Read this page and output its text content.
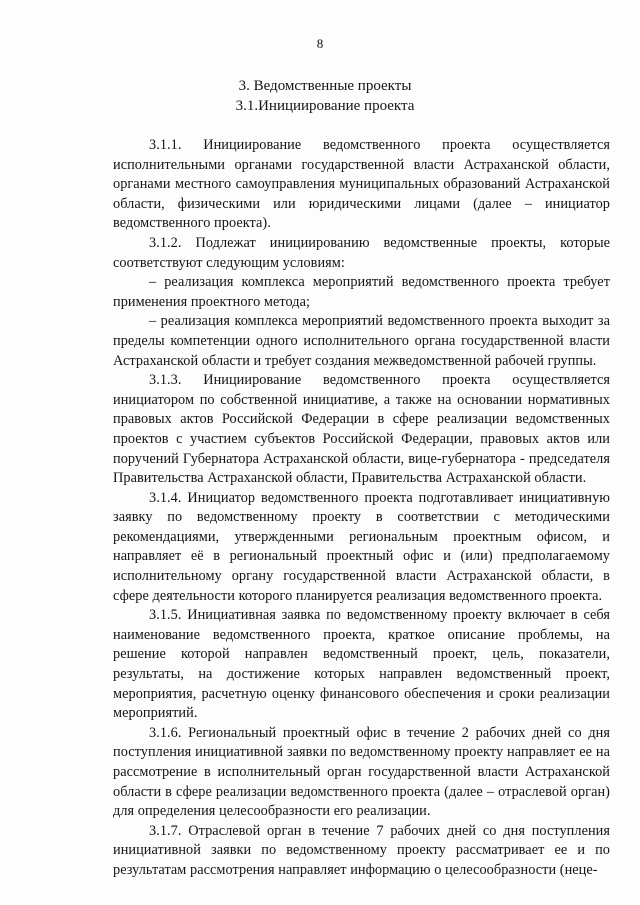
8
3. Ведомственные проекты
3.1.Инициирование проекта

3.1.1. Инициирование ведомственного проекта осуществляется исполнительными органами государственной власти Астраханской области, органами местного самоуправления муниципальных образований Астраханской области, физическими или юридическими лицами (далее – инициатор ведомственного проекта).

3.1.2. Подлежат инициированию ведомственные проекты, которые соответствуют следующим условиям:

– реализация комплекса мероприятий ведомственного проекта требует применения проектного метода;

– реализация комплекса мероприятий ведомственного проекта выходит за пределы компетенции одного исполнительного органа государственной власти Астраханской области и требует создания межведомственной рабочей группы.

3.1.3. Инициирование ведомственного проекта осуществляется инициатором по собственной инициативе, а также на основании нормативных правовых актов Российской Федерации в сфере реализации ведомственных проектов с участием субъектов Российской Федерации, правовых актов или поручений Губернатора Астраханской области, вице-губернатора - председателя Правительства Астраханской области, Правительства Астраханской области.

3.1.4. Инициатор ведомственного проекта подготавливает инициативную заявку по ведомственному проекту в соответствии с методическими рекомендациями, утвержденными региональным проектным офисом, и направляет её в региональный проектный офис и (или) предполагаемому исполнительному органу государственной власти Астраханской области, в сфере деятельности которого планируется реализация ведомственного проекта.

3.1.5. Инициативная заявка по ведомственному проекту включает в себя наименование ведомственного проекта, краткое описание проблемы, на решение которой направлен ведомственный проект, цель, показатели, результаты, на достижение которых направлен ведомственный проект, мероприятия, расчетную оценку финансового обеспечения и сроки реализации мероприятий.

3.1.6. Региональный проектный офис в течение 2 рабочих дней со дня поступления инициативной заявки по ведомственному проекту направляет ее на рассмотрение в исполнительный орган государственной власти Астраханской области в сфере реализации ведомственного проекта (далее – отраслевой орган) для определения целесообразности его реализации.

3.1.7. Отраслевой орган в течение 7 рабочих дней со дня поступления инициативной заявки по ведомственному проекту рассматривает ее и по результатам рассмотрения направляет информацию о целесообразности (неце-
